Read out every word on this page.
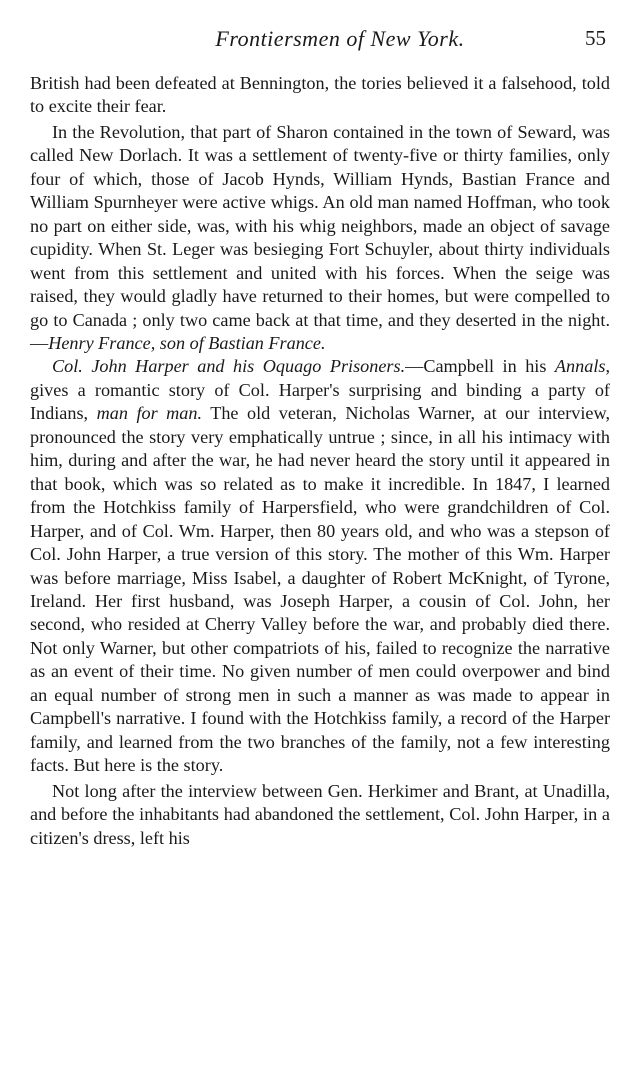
Frontiersmen of New York.	55

British had been defeated at Bennington, the tories believed it a falsehood, told to excite their fear.

In the Revolution, that part of Sharon contained in the town of Seward, was called New Dorlach. It was a settlement of twenty-five or thirty families, only four of which, those of Jacob Hynds, William Hynds, Bastian France and William Spurnheyer were active whigs. An old man named Hoffman, who took no part on either side, was, with his whig neighbors, made an object of savage cupidity. When St. Leger was besieging Fort Schuyler, about thirty individuals went from this settlement and united with his forces. When the seige was raised, they would gladly have returned to their homes, but were compelled to go to Canada ; only two came back at that time, and they deserted in the night.—Henry France, son of Bastian France.

Col. John Harper and his Oquago Prisoners.—Campbell in his Annals, gives a romantic story of Col. Harper's surprising and binding a party of Indians, man for man. The old veteran, Nicholas Warner, at our interview, pronounced the story very emphatically untrue ; since, in all his intimacy with him, during and after the war, he had never heard the story until it appeared in that book, which was so related as to make it incredible. In 1847, I learned from the Hotchkiss family of Harpersfield, who were grandchildren of Col. Harper, and of Col. Wm. Harper, then 80 years old, and who was a stepson of Col. John Harper, a true version of this story. The mother of this Wm. Harper was before marriage, Miss Isabel, a daughter of Robert McKnight, of Tyrone, Ireland. Her first husband, was Joseph Harper, a cousin of Col. John, her second, who resided at Cherry Valley before the war, and probably died there. Not only Warner, but other compatriots of his, failed to recognize the narrative as an event of their time. No given number of men could overpower and bind an equal number of strong men in such a manner as was made to appear in Campbell's narrative. I found with the Hotchkiss family, a record of the Harper family, and learned from the two branches of the family, not a few interesting facts. But here is the story.

Not long after the interview between Gen. Herkimer and Brant, at Unadilla, and before the inhabitants had abandoned the settlement, Col. John Harper, in a citizen's dress, left his
